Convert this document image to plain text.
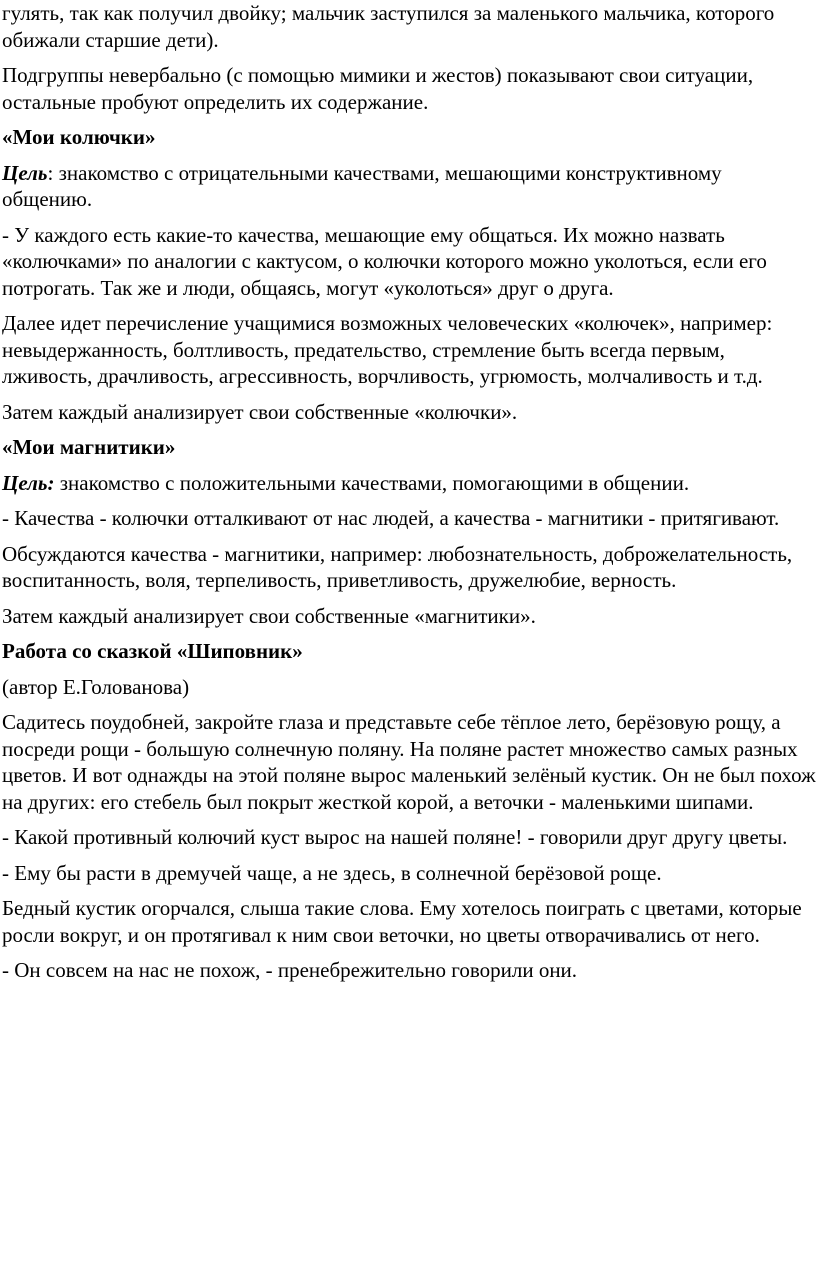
гулять, так как получил двойку; мальчик заступился за маленького мальчика, которого обижали старшие дети).

Подгруппы невербально (с помощью мимики и жестов) показывают свои ситуации, остальные пробуют определить их содержание.

«Мои колючки»

Цель: знакомство с отрицательными качествами, мешающими конструктивному общению.

- У каждого есть какие-то качества, мешающие ему общаться. Их можно назвать «колючками» по аналогии с кактусом, о колючки которого можно уколоться, если его потрогать. Так же и люди, общаясь, могут «уколоться» друг о друга.

Далее идет перечисление учащимися возможных человеческих «колючек», например: невыдержанность, болтливость, предательство, стремление быть всегда первым, лживость, драчливость, агрессивность, ворчливость, угрюмость, молчаливость и т.д.

Затем каждый анализирует свои собственные «колючки».

«Мои магнитики»

Цель: знакомство с положительными качествами, помогающими в общении.

- Качества - колючки отталкивают от нас людей, а качества - магнитики - притягивают.

Обсуждаются качества - магнитики, например: любознательность, доброжелательность, воспитанность, воля, терпеливость, приветливость, дружелюбие, верность.

Затем каждый анализирует свои собственные «магнитики».

Работа со сказкой «Шиповник»

(автор Е.Голованова)

Садитесь поудобней, закройте глаза и представьте себе тёплое лето, берёзовую рощу, а посреди рощи - большую солнечную поляну. На поляне растет множество самых разных цветов. И вот однажды на этой поляне вырос маленький зелёный кустик. Он не был похож на других: его стебель был покрыт жесткой корой, а веточки - маленькими шипами.

- Какой противный колючий куст вырос на нашей поляне! - говорили друг другу цветы.

- Ему бы расти в дремучей чаще, а не здесь, в солнечной берёзовой роще.

Бедный кустик огорчался, слыша такие слова. Ему хотелось поиграть с цветами, которые росли вокруг, и он протягивал к ним свои веточки, но цветы отворачивались от него.

- Он совсем на нас не похож, - пренебрежительно говорили они.
